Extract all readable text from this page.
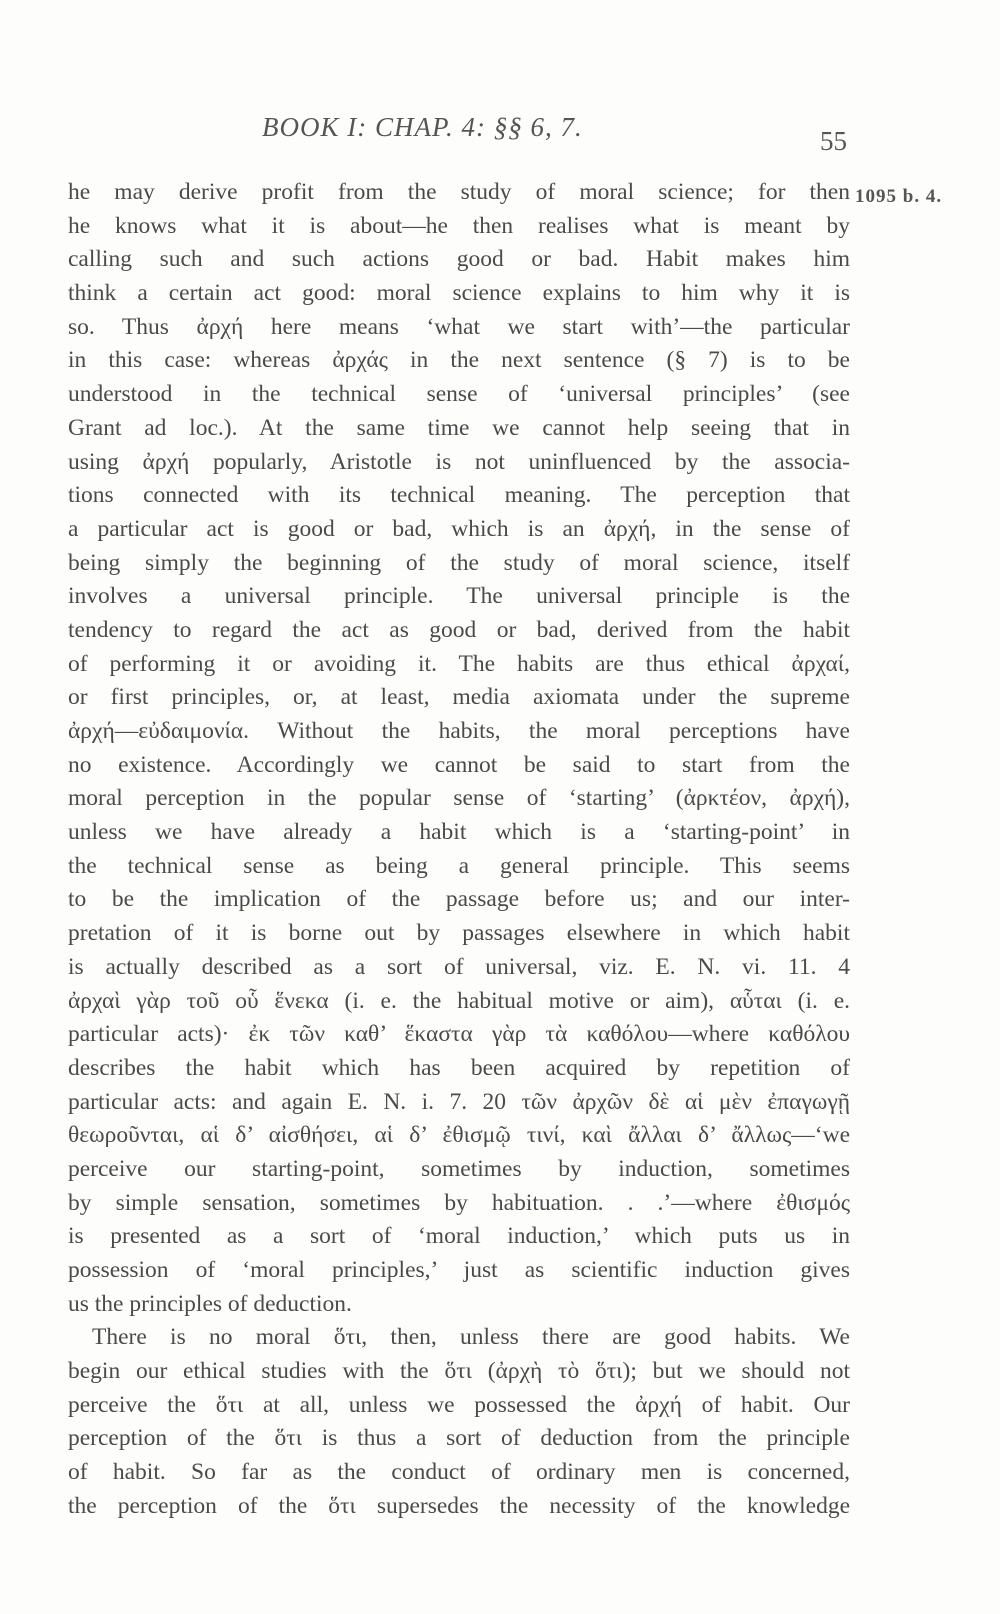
BOOK I: CHAP. 4: §§ 6, 7.	55
1095 b. 4.
he may derive profit from the study of moral science; for then
he knows what it is about—he then realises what is meant by
calling such and such actions good or bad. Habit makes him
think a certain act good: moral science explains to him why it is
so. Thus ἀρχή here means ‘what we start with’—the particular
in this case: whereas ἀρχάς in the next sentence (§ 7) is to be
understood in the technical sense of ‘universal principles’ (see
Grant ad loc.). At the same time we cannot help seeing that in
using ἀρχή popularly, Aristotle is not uninfluenced by the associa-
tions connected with its technical meaning. The perception that
a particular act is good or bad, which is an ἀρχή, in the sense of
being simply the beginning of the study of moral science, itself
involves a universal principle. The universal principle is the
tendency to regard the act as good or bad, derived from the habit
of performing it or avoiding it. The habits are thus ethical ἀρχαί,
or first principles, or, at least, media axiomata under the supreme
ἀρχή—εὐδαιμονία. Without the habits, the moral perceptions have
no existence. Accordingly we cannot be said to start from the
moral perception in the popular sense of ‘starting’ (ἀρκτέον, ἀρχή),
unless we have already a habit which is a ‘starting-point’ in
the technical sense as being a general principle. This seems
to be the implication of the passage before us; and our inter-
pretation of it is borne out by passages elsewhere in which habit
is actually described as a sort of universal, viz. E. N. vi. 11. 4
ἀρχαὶ γὰρ τοῦ οὗ ἕνεκα (i. e. the habitual motive or aim), αὗται (i. e.
particular acts)· ἐκ τῶν καθ’ ἕκαστα γὰρ τὰ καθόλου—where καθόλου
describes the habit which has been acquired by repetition of
particular acts: and again E. N. i. 7. 20 τῶν ἀρχῶν δὲ αἱ μὲν ἐπαγωγῇ
θεωροῦνται, αἱ δ’ αἰσθήσει, αἱ δ’ ἐθισμῷ τινί, καὶ ἄλλαι δ’ ἄλλως—‘we
perceive our starting-point, sometimes by induction, sometimes
by simple sensation, sometimes by habituation. . .’—where ἐθισμός
is presented as a sort of ‘moral induction,’ which puts us in
possession of ‘moral principles,’ just as scientific induction gives
us the principles of deduction.
There is no moral ὅτι, then, unless there are good habits. We
begin our ethical studies with the ὅτι (ἀρχὴ τὸ ὅτι); but we should not
perceive the ὅτι at all, unless we possessed the ἀρχή of habit. Our
perception of the ὅτι is thus a sort of deduction from the principle
of habit. So far as the conduct of ordinary men is concerned,
the perception of the ὅτι supersedes the necessity of the knowledge
